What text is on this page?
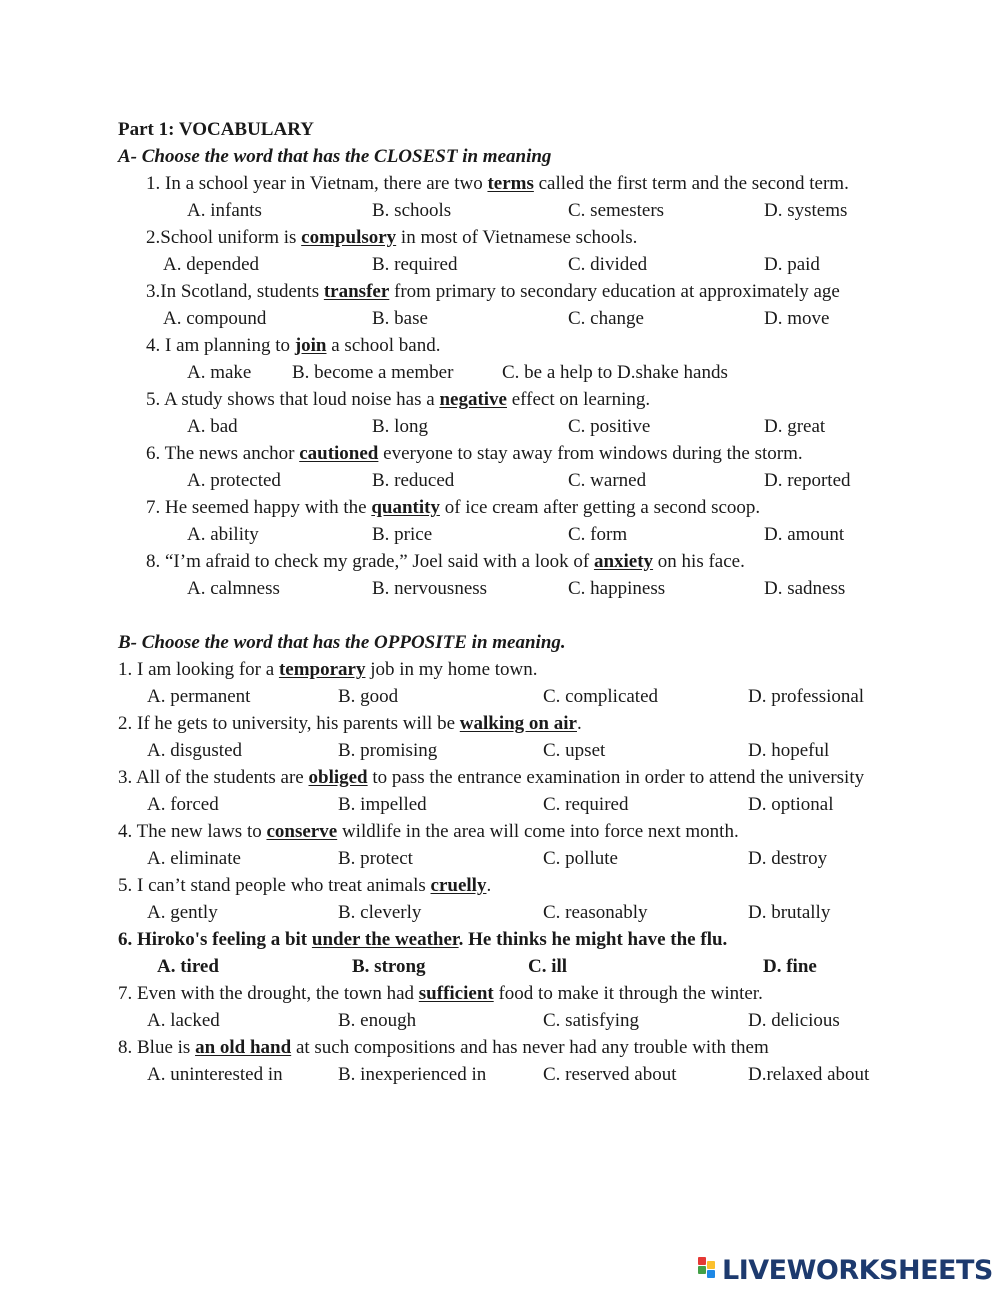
Part 1: VOCABULARY
A- Choose the word that has the CLOSEST in meaning
1. In a school year in Vietnam, there are two terms called the first term and the second term.
A. infants	B. schools	C. semesters	D. systems
2.School uniform is compulsory in most of Vietnamese schools.
A. depended	B. required	C. divided	D. paid
3.In Scotland, students transfer from primary to secondary education at approximately age
A. compound	B. base	C. change	D. move
4. I am planning to join a school band.
A. make B. become a member	C. be a help to D.shake hands
5. A study shows that loud noise has a negative effect on learning.
A. bad	B. long	C. positive	D. great
6. The news anchor cautioned everyone to stay away from windows during the storm.
A. protected	B. reduced	C. warned	D. reported
7. He seemed happy with the quantity of ice cream after getting a second scoop.
A. ability	B. price	C. form	D. amount
8. “I’m afraid to check my grade,” Joel said with a look of anxiety on his face.
A. calmness	B. nervousness	C. happiness	D. sadness
B- Choose the word that has the OPPOSITE in meaning.
1. I am looking for a temporary job in my home town.
A. permanent	B. good	C. complicated	D. professional
2. If he gets to university, his parents will be walking on air.
A. disgusted	B. promising	C. upset	D. hopeful
3. All of the students are obliged to pass the entrance examination in order to attend the university
A. forced	B. impelled	C. required	D. optional
4. The new laws to conserve wildlife in the area will come into force next month.
A. eliminate	B. protect	C. pollute	D. destroy
5. I can’t stand people who treat animals cruelly.
A. gently	B. cleverly	C. reasonably	D. brutally
6. Hiroko's feeling a bit under the weather. He thinks he might have the flu.
A. tired	B. strong	C. ill	D. fine
7. Even with the drought, the town had sufficient food to make it through the winter.
A. lacked	B. enough	C. satisfying	D. delicious
8. Blue is an old hand at such compositions and has never had any trouble with them
A. uninterested in	B. inexperienced in	C. reserved about	D.relaxed about
LIVEWORKSHEETS
